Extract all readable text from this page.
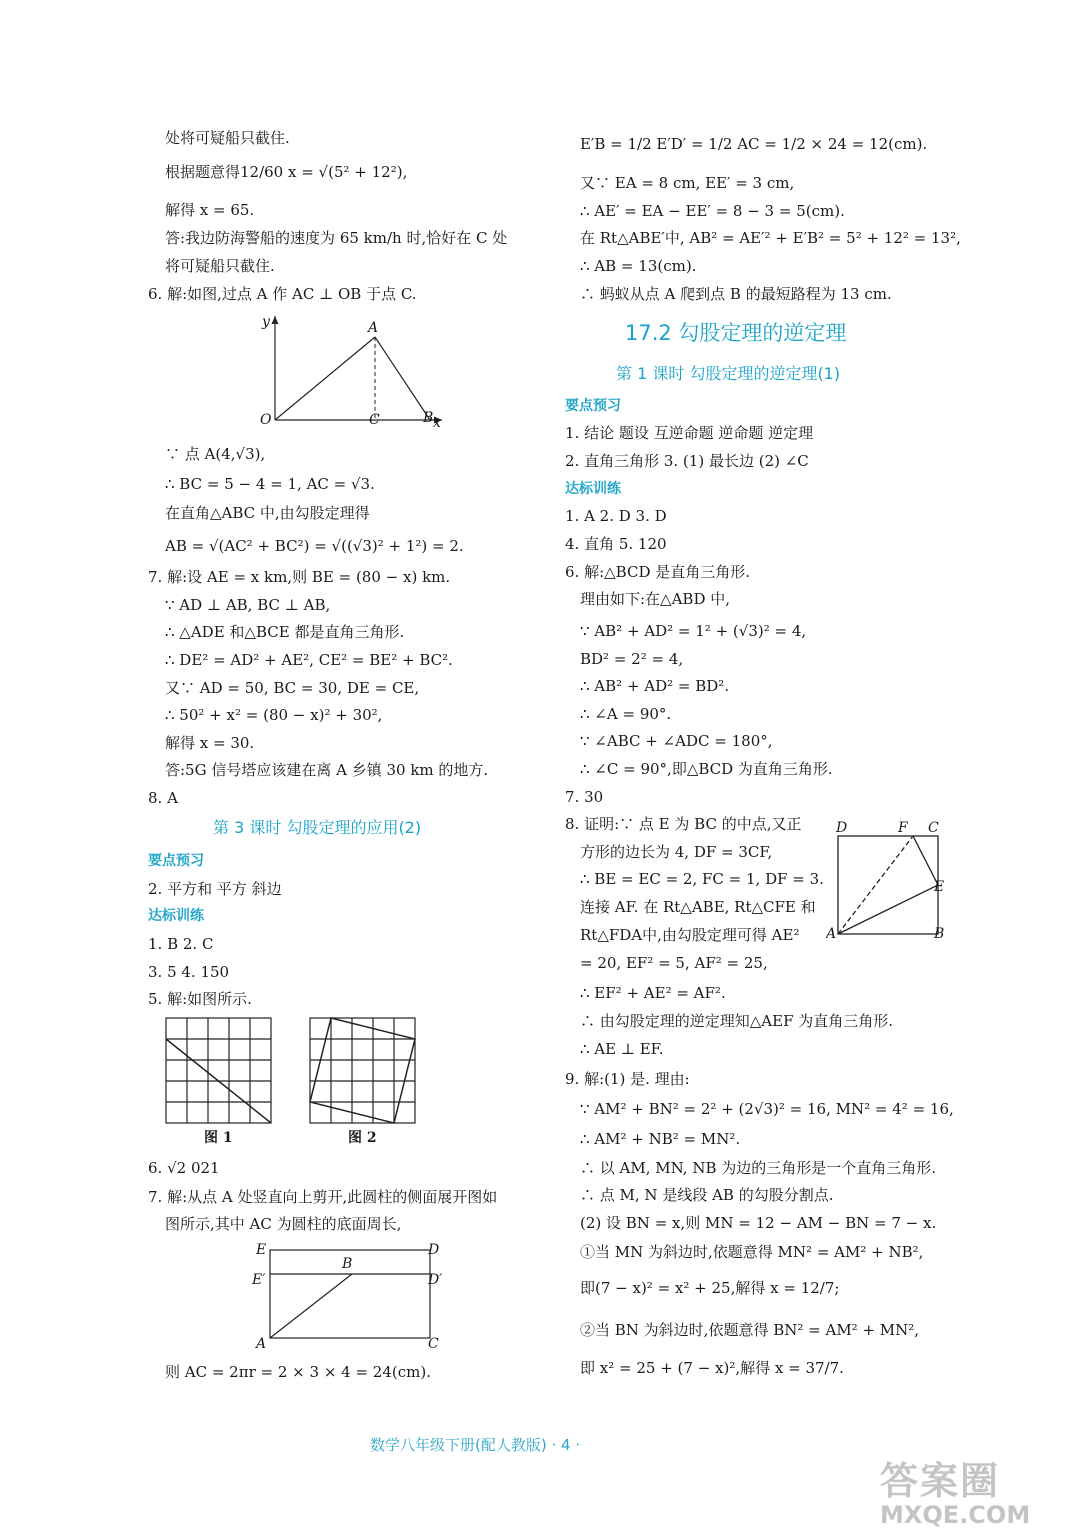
处将可疑船只截住.
根据题意得12/60 x = √(5² + 12²),
解得 x = 65.
答:我边防海警船的速度为 65 km/h 时,恰好在 C 处
将可疑船只截住.
6. 解:如图,过点 A 作 AC ⊥ OB 于点 C.
y	A
O	C	B x
∵ 点 A(4,√3),
∴ BC = 5 − 4 = 1, AC = √3.
在直角△ABC 中,由勾股定理得
AB = √(AC² + BC²) = √((√3)² + 1²) = 2.
7. 解:设 AE = x km,则 BE = (80 − x) km.
∵ AD ⊥ AB, BC ⊥ AB,
∴ △ADE 和△BCE 都是直角三角形.
∴ DE² = AD² + AE², CE² = BE² + BC².
又∵ AD = 50, BC = 30, DE = CE,
∴ 50² + x² = (80 − x)² + 30²,
解得 x = 30.
答:5G 信号塔应该建在离 A 乡镇 30 km 的地方.
8. A
第 3 课时 勾股定理的应用(2)
要点预习
2. 平方和 平方 斜边
达标训练
1. B 2. C
3. 5 4. 150
5. 解:如图所示.
图 1	图 2
6. √2 021
7. 解:从点 A 处竖直向上剪开,此圆柱的侧面展开图如
图所示,其中 AC 为圆柱的底面周长,
E	D
E′
B
D′
A	C
则 AC = 2πr = 2 × 3 × 4 = 24(cm).
E′B = 1/2 E′D′ = 1/2 AC = 1/2 × 24 = 12(cm).
又∵ EA = 8 cm, EE′ = 3 cm,
∴ AE′ = EA − EE′ = 8 − 3 = 5(cm).
在 Rt△ABE′中, AB² = AE′² + E′B² = 5² + 12² = 13²,
∴ AB = 13(cm).
∴ 蚂蚁从点 A 爬到点 B 的最短路程为 13 cm.
17.2 勾股定理的逆定理
第 1 课时 勾股定理的逆定理(1)
要点预习
1. 结论 题设 互逆命题 逆命题 逆定理
2. 直角三角形 3. (1) 最长边 (2) ∠C
达标训练
1. A 2. D 3. D
4. 直角 5. 120
6. 解:△BCD 是直角三角形.
理由如下:在△ABD 中,
∵ AB² + AD² = 1² + (√3)² = 4,
BD² = 2² = 4,
∴ AB² + AD² = BD².
∴ ∠A = 90°.
∵ ∠ABC + ∠ADC = 180°,
∴ ∠C = 90°,即△BCD 为直角三角形.
7. 30
8. 证明:∵ 点 E 为 BC 的中点,又正
方形的边长为 4, DF = 3CF,
∴ BE = EC = 2, FC = 1, DF = 3.
连接 AF. 在 Rt△ABE, Rt△CFE 和
Rt△FDA中,由勾股定理可得 AE²
= 20, EF² = 5, AF² = 25,
∴ EF² + AE² = AF².
∴ 由勾股定理的逆定理知△AEF 为直角三角形.
∴ AE ⊥ EF.
D	F C
E
A	B
9. 解:(1) 是. 理由:
∵ AM² + BN² = 2² + (2√3)² = 16, MN² = 4² = 16,
∴ AM² + NB² = MN².
∴ 以 AM, MN, NB 为边的三角形是一个直角三角形.
∴ 点 M, N 是线段 AB 的勾股分割点.
(2) 设 BN = x,则 MN = 12 − AM − BN = 7 − x.
①当 MN 为斜边时,依题意得 MN² = AM² + NB²,
即(7 − x)² = x² + 25,解得 x = 12/7;
②当 BN 为斜边时,依题意得 BN² = AM² + MN²,
即 x² = 25 + (7 − x)²,解得 x = 37/7.
数学八年级下册(配人教版) · 4 ·
答案圈
MXQE.COM
